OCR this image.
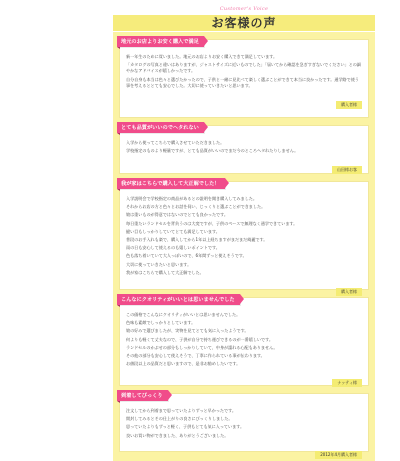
Customer's Voice
お客様の声
地元のお店よりお安く購入で満足

新一年生のために買いました。地元のお店よりお安く購入できて満足しています。

「カタログの写真と違いはありますが、ジャストサイズに近いものでした」「届いてから確認を急ぎすぎないでください」との細やかなアドバイスが嬉しかったです。

自分自身も本当は色々と選びたかったので、子供と一緒に見比べて楽しく選ぶことができて本当に良かったです。通学路で使う事を考えるととても安心でした。大切に使っていきたいと思います。

購入者様
とても品質がいいのでヘタれない

入学から使ってこちらで購入させていただきました。

学校指定のものより軽量ですが、とても品質がいいのでまだ今のところヘタれたりしません。

山田様お客
我が家はこちらで購入して大正解でした！

入学説明会で学校指定の商品があるとの説明を聞き購入してみました。

それからお店の方と色々とお話を伺い、じっくりと選ぶことができました。

娘は重いものが得意ではないのでとても良かったです。

毎日重たいランドセルを背負うのは大変ですが、子供のペースで無理なく通学できています。

縫い目もしっかりしていてとても満足しています。

普段のお手入れも楽で、購入してから1年以上経ちますがまだまだ綺麗です。

雨の日も安心して使えるのも嬉しいポイントです。

色も落ち着いていて大人っぽいので、6年間ずっと使えそうです。

大切に使っていきたいと思います。

我が家はこちらで購入して大正解でした。

購入者様
こんなにクオリティがいいとは思いませんでした

この価格でこんなにクオリティがいいとは思いませんでした。

色味も素敵でしっかりとしています。

娘の好みで選びましたが、実物を見てとても気に入ったようです。

何よりも軽くて丈夫なので、子供が自分で持ち運びできるのが一番嬉しいです。

ランドセルのかぶせの部分もしっかりしていて、中身が濡れる心配もありません。

その他の部分も安心して使えそうで、丁寧に作られている事が伝わります。

お値段以上の品質だと思いますので、是非お勧めしたいです。

ナッティ様
到着してびっくり

注文してから到着まで思っていたよりずっと早かったです。

開封してみるとその仕上がりの良さにびっくりしました。

思っていたよりもずっと軽く、子供もとても気に入っています。

良いお買い物ができました、ありがとうございました。

2012年4月購入者様
